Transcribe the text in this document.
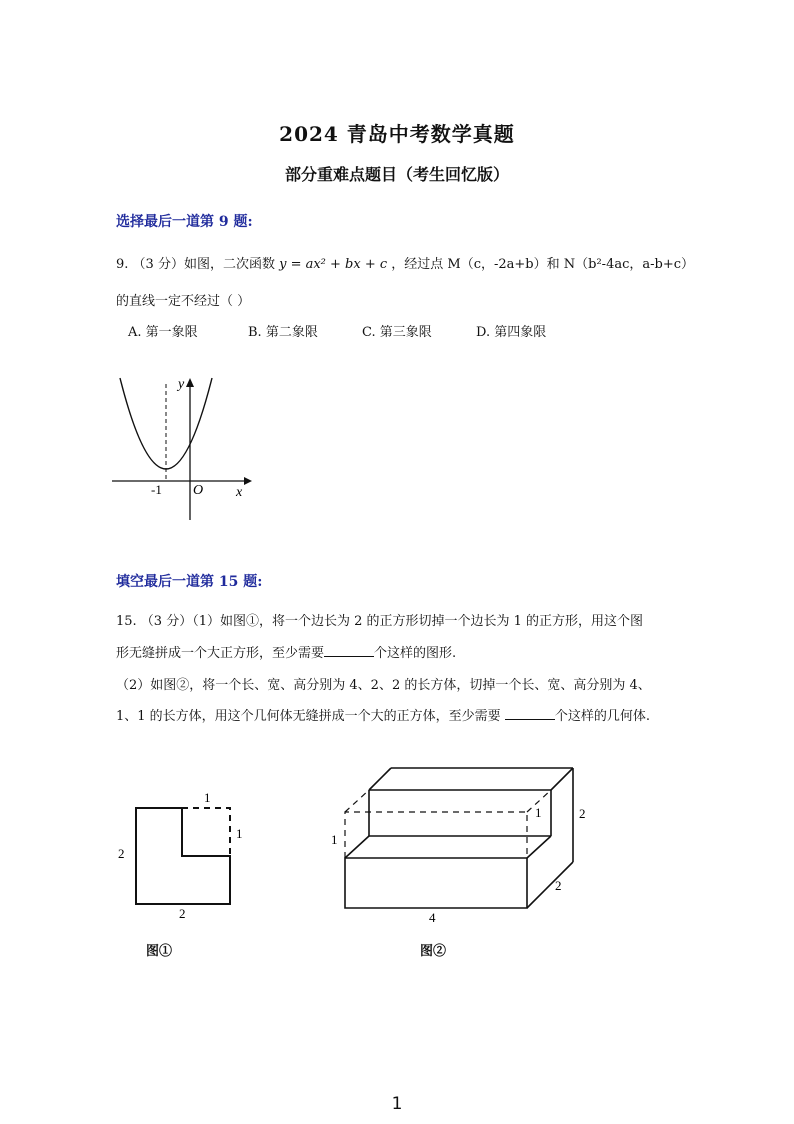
2024 青岛中考数学真题
部分重难点题目（考生回忆版）
选择最后一道第 9 题:
9. （3 分）如图，二次函数 y = ax² + bx + c ，经过点 M（c，-2a+b）和 N（b²-4ac，a-b+c）
的直线一定不经过（ ）
A. 第一象限	B. 第二象限	C. 第三象限	D. 第四象限
y
x
O
-1
填空最后一道第 15 题:
15. （3 分）（1）如图①，将一个边长为 2 的正方形切掉一个边长为 1 的正方形，用这个图
形无缝拼成一个大正方形，至少需要	个这样的图形.
（2）如图②，将一个长、宽、高分别为 4、2、2 的长方体，切掉一个长、宽、高分别为 4、
1、1 的长方体，用这个几何体无缝拼成一个大的正方体，至少需要	个这样的几何体.
1
1
2
2
图①
1
1	2
2
4
图②
1
